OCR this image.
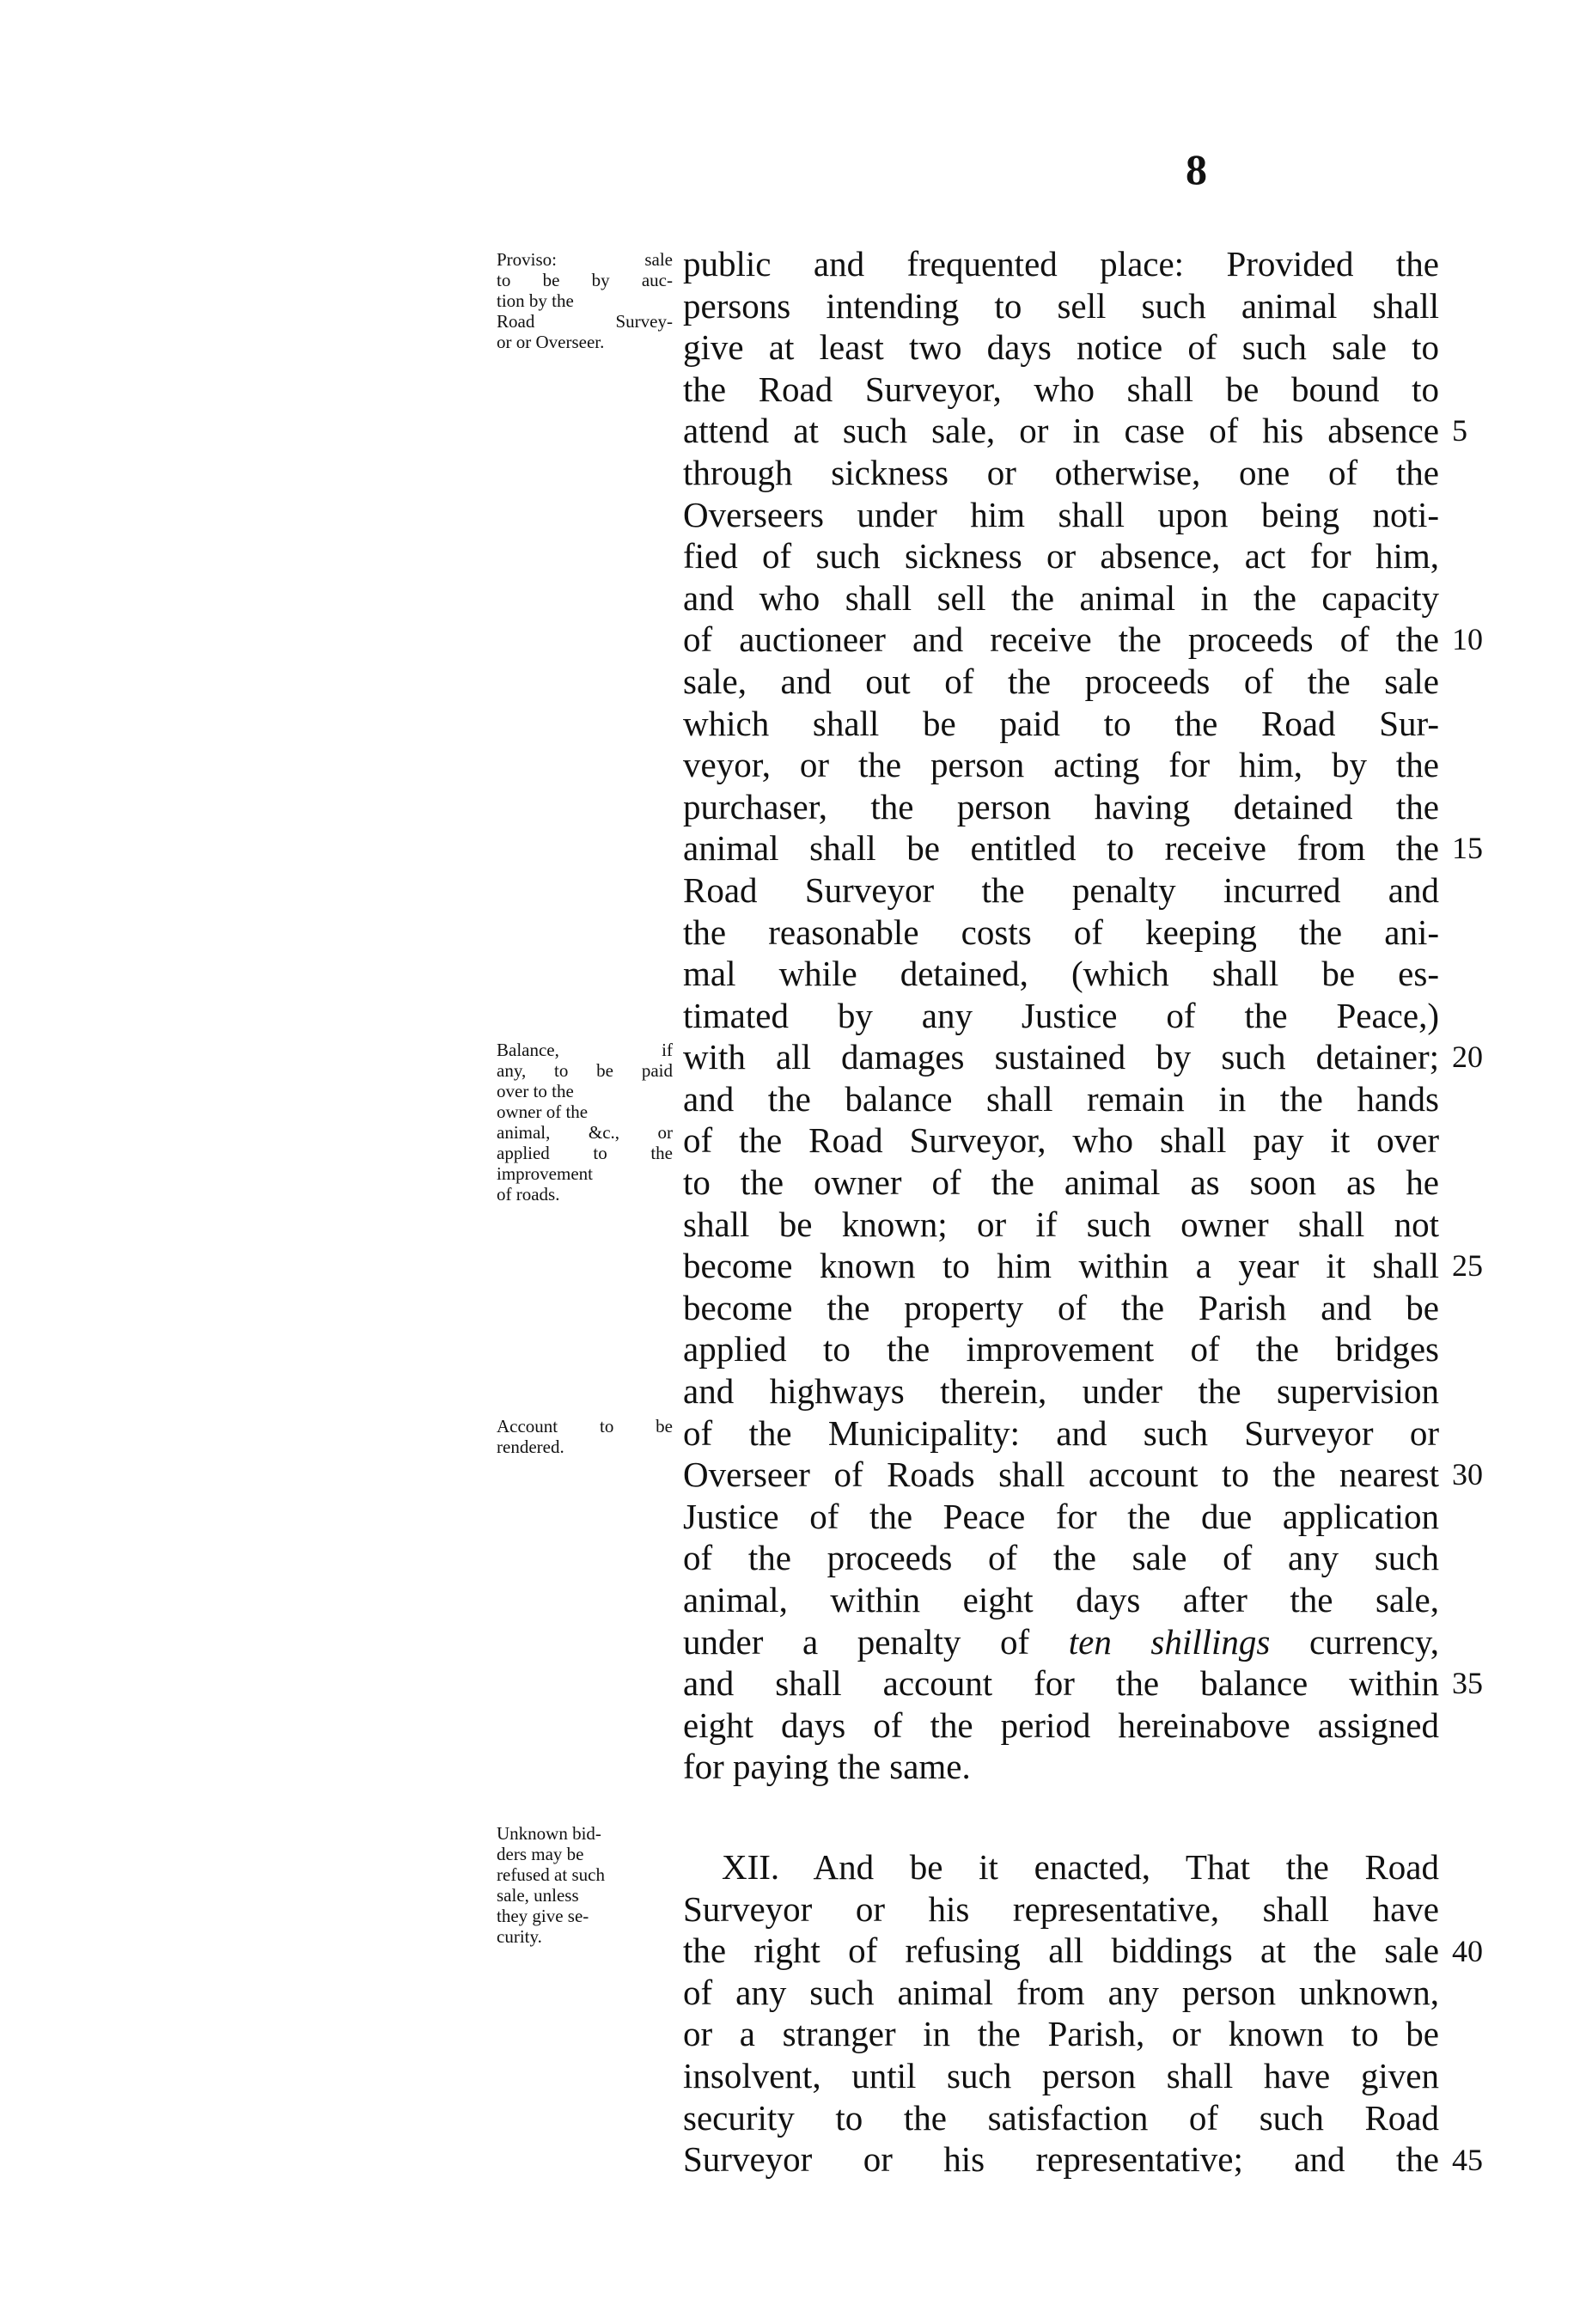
8
Proviso: sale
to be by auc-
tion by the
Road Survey-
or or Overseer.
Balance, if
any, to be paid
over to the
owner of the
animal, &c., or
applied to the
improvement
of roads.
Account to be
rendered.
Unknown bid-
ders may be
refused at such
sale, unless
they give se-
curity.
public and frequented place: Provided the
persons intending to sell such animal shall
give at least two days notice of such sale to
the Road Surveyor, who shall be bound to
attend at such sale, or in case of his absence
through sickness or otherwise, one of the
Overseers under him shall upon being noti-
fied of such sickness or absence, act for him,
and who shall sell the animal in the capacity
of auctioneer and receive the proceeds of the
sale, and out of the proceeds of the sale
which shall be paid to the Road Sur-
veyor, or the person acting for him, by the
purchaser, the person having detained the
animal shall be entitled to receive from the
Road Surveyor the penalty incurred and
the reasonable costs of keeping the ani-
mal while detained, (which shall be es-
timated by any Justice of the Peace,)
with all damages sustained by such detainer;
and the balance shall remain in the hands
of the Road Surveyor, who shall pay it over
to the owner of the animal as soon as he
shall be known; or if such owner shall not
become known to him within a year it shall
become the property of the Parish and be
applied to the improvement of the bridges
and highways therein, under the supervision
of the Municipality: and such Surveyor or
Overseer of Roads shall account to the nearest
Justice of the Peace for the due application
of the proceeds of the sale of any such
animal, within eight days after the sale,
under a penalty of ten shillings currency,
and shall account for the balance within
eight days of the period hereinabove assigned
for paying the same.
XII. And be it enacted, That the Road
Surveyor or his representative, shall have
the right of refusing all biddings at the sale
of any such animal from any person unknown,
or a stranger in the Parish, or known to be
insolvent, until such person shall have given
security to the satisfaction of such Road
Surveyor or his representative; and the
5
10
15
20
25
30
35
40
45
